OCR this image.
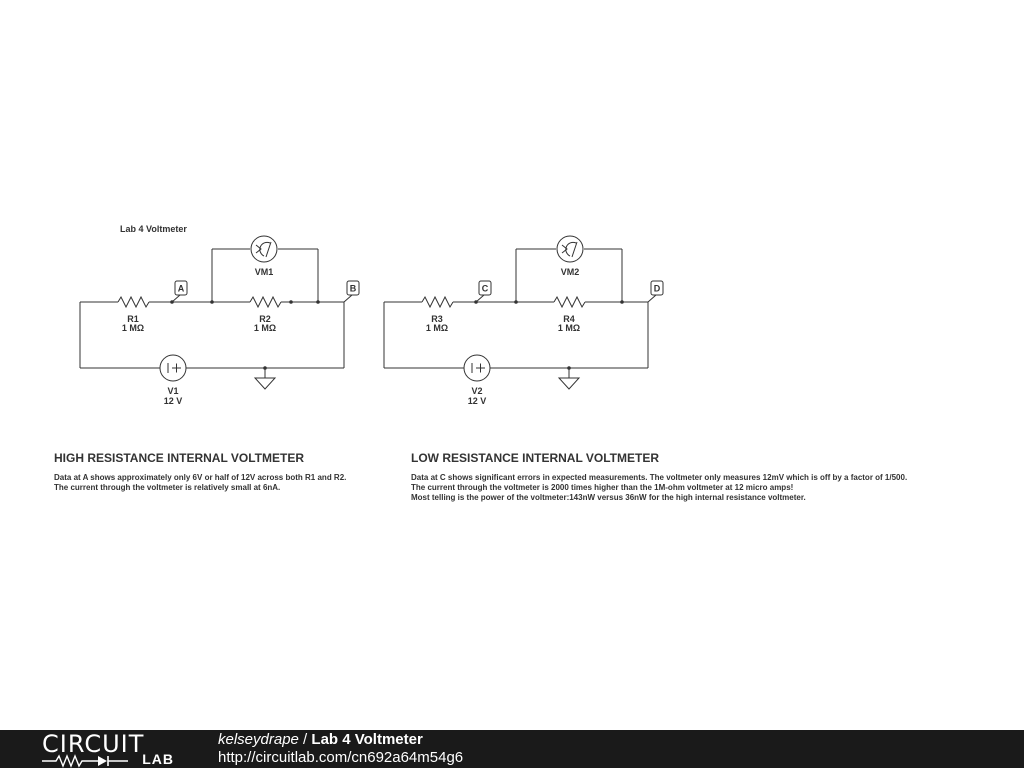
Lab 4 Voltmeter
A	B
VM1
R1
1 MΩ
R2
1 MΩ
V1
12 V
C	D
VM2
R3
1 MΩ
R4
1 MΩ
V2
12 V
HIGH RESISTANCE INTERNAL VOLTMETER

Data at A shows approximately only 6V or half of 12V across both R1 and R2.

The current through the voltmeter is relatively small at 6nA.

LOW RESISTANCE INTERNAL VOLTMETER

Data at C shows significant errors in expected measurements. The voltmeter only measures 12mV which is off by a factor of 1/500.

The current through the voltmeter is 2000 times higher than the 1M-ohm voltmeter at 12 micro amps!

Most telling is the power of the voltmeter:143nW versus 36nW for the high internal resistance voltmeter.

CIRCUIT
LAB
kelseydrape / Lab 4 Voltmeter
http://circuitlab.com/cn692a64m54g6
